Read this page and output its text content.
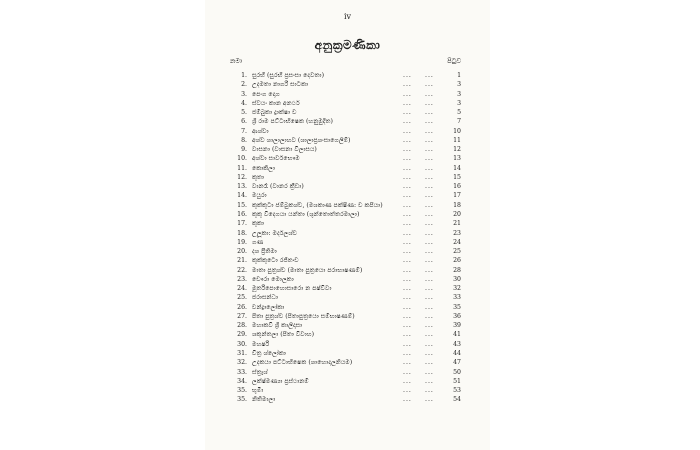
iv
අනුක්‍රමණිකා
නමා	පිටුව
1. සුරභී (සුරභී ප්‍රසංසා දෙවතා)	... ...	1
2. උදමතා නාගරී සාටකා	... ...	3
3. පෙංග දොග	... ...	3
4. ස්වයං කාන අනර්ථ	... ...	3
5. ජම්බුකා ද්‍රාක්ෂා ච	... ...	5
6. ශ්‍රී රාම පට්ටාභිෂෙක (හනුමුදිත)	... ...	7
7. ආශ්වා	... ...	10
8. අශ්ව ශාලාලාහව (ශාලාප්‍රශංසාගෙලීම්)	... ...	11
9. වාසනා (වාසනා විලාසය)	... ...	12
10. අශ්වා සාර්වභෞම	... ...	13
11. කොකිලා	... ...	14
12. කුතා	... ...	15
13. වානරෑ (වානර ක්‍රීඩා)	... ...	16
14. මයුරා	... ...	17
15. කුක්කුටා ජම්බුකශ්ච, (මශකාණ පක්ෂිණ: ච කපියා)	... ...	18
16. කුකු විදෙගයා යන්තා (ශුන්තොත්තරමාලා)	... ...	20
17. කුකා	... ...	21
18. උලූකා: මර්දලශ්ච	... ...	23
19. ගණ	... ...	24
20. දශ ප්‍රීතිමා	... ...	25
21. කුක්කුටො රජිතංච	... ...	26
22. මාතා පුත්‍රශ්ච (මාතා පුත්‍රයො පරාභාෂණම්)	... ...	28
23. චෞරා මොලකා	... ...	30
24. මූර්තිපොහොසාරො න පෂ්චිවා	... ...	32
25. ජරාසන්ධා	... ...	33
26. චන්ද්‍රාලෝකා	... ...	35
27. පිතා පුත්‍රශ්ච (පිතාපුත්‍රයො සම්භාෂණම්)	... ...	36
28. මහාකවි ශ්‍රී කාලිදාසා	... ...	39
29. ශකුන්තලා (පිතා විවාහ)	... ...	41
30. මහර්ෂි	... ...	43
31. චිත්‍ර ශ්ලෝකා	... ...	44
32. උදකයා පට්ටාභිෂෙක (ශාහොදලනියම)	... ...	47
33. ස්ත්‍රෑශ්	... ...	50
34. ලක්ෂ්මණ්‍යා ප්‍රස්ථානම්	... ...	51
35. භූමිා	... ...	53
35. නිතිමාලා	... ...	54
